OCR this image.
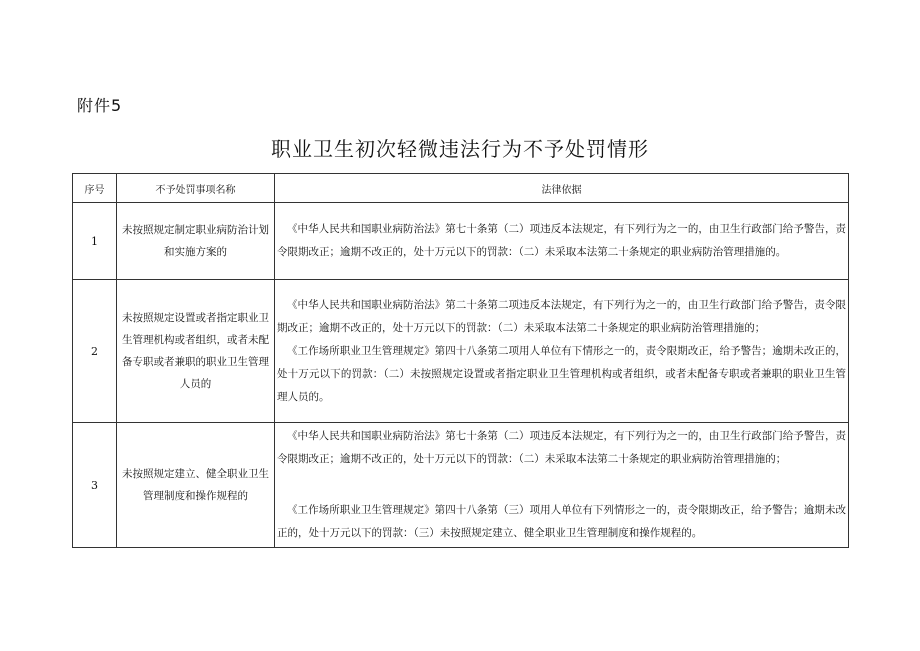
附件5
职业卫生初次轻微违法行为不予处罚情形
序号	不予处罚事项名称	法律依据
1	未按照规定制定职业病防治计划和实施方案的	《中华人民共和国职业病防治法》第七十条第（二）项违反本法规定，有下列行为之一的，由卫生行政部门给予警告，责令限期改正；逾期不改正的，处十万元以下的罚款：（二）未采取本法第二十条规定的职业病防治管理措施的。

2	未按照规定设置或者指定职业卫生管理机构或者组织，或者未配备专职或者兼职的职业卫生管理人员的	《中华人民共和国职业病防治法》第二十条第二项违反本法规定，有下列行为之一的，由卫生行政部门给予警告，责令限期改正；逾期不改正的，处十万元以下的罚款：（二）未采取本法第二十条规定的职业病防治管理措施的；

《工作场所职业卫生管理规定》第四十八条第二项用人单位有下情形之一的，责令限期改正，给予警告；逾期未改正的，处十万元以下的罚款：（二）未按照规定设置或者指定职业卫生管理机构或者组织，或者未配备专职或者兼职的职业卫生管理人员的。

3	未按照规定建立、健全职业卫生管理制度和操作规程的	《中华人民共和国职业病防治法》第七十条第（二）项违反本法规定，有下列行为之一的，由卫生行政部门给予警告，责令限期改正；逾期不改正的，处十万元以下的罚款：（二）未采取本法第二十条规定的职业病防治管理措施的；

《工作场所职业卫生管理规定》第四十八条第（三）项用人单位有下列情形之一的，责令限期改正，给予警告；逾期未改正的，处十万元以下的罚款：（三）未按照规定建立、健全职业卫生管理制度和操作规程的。
